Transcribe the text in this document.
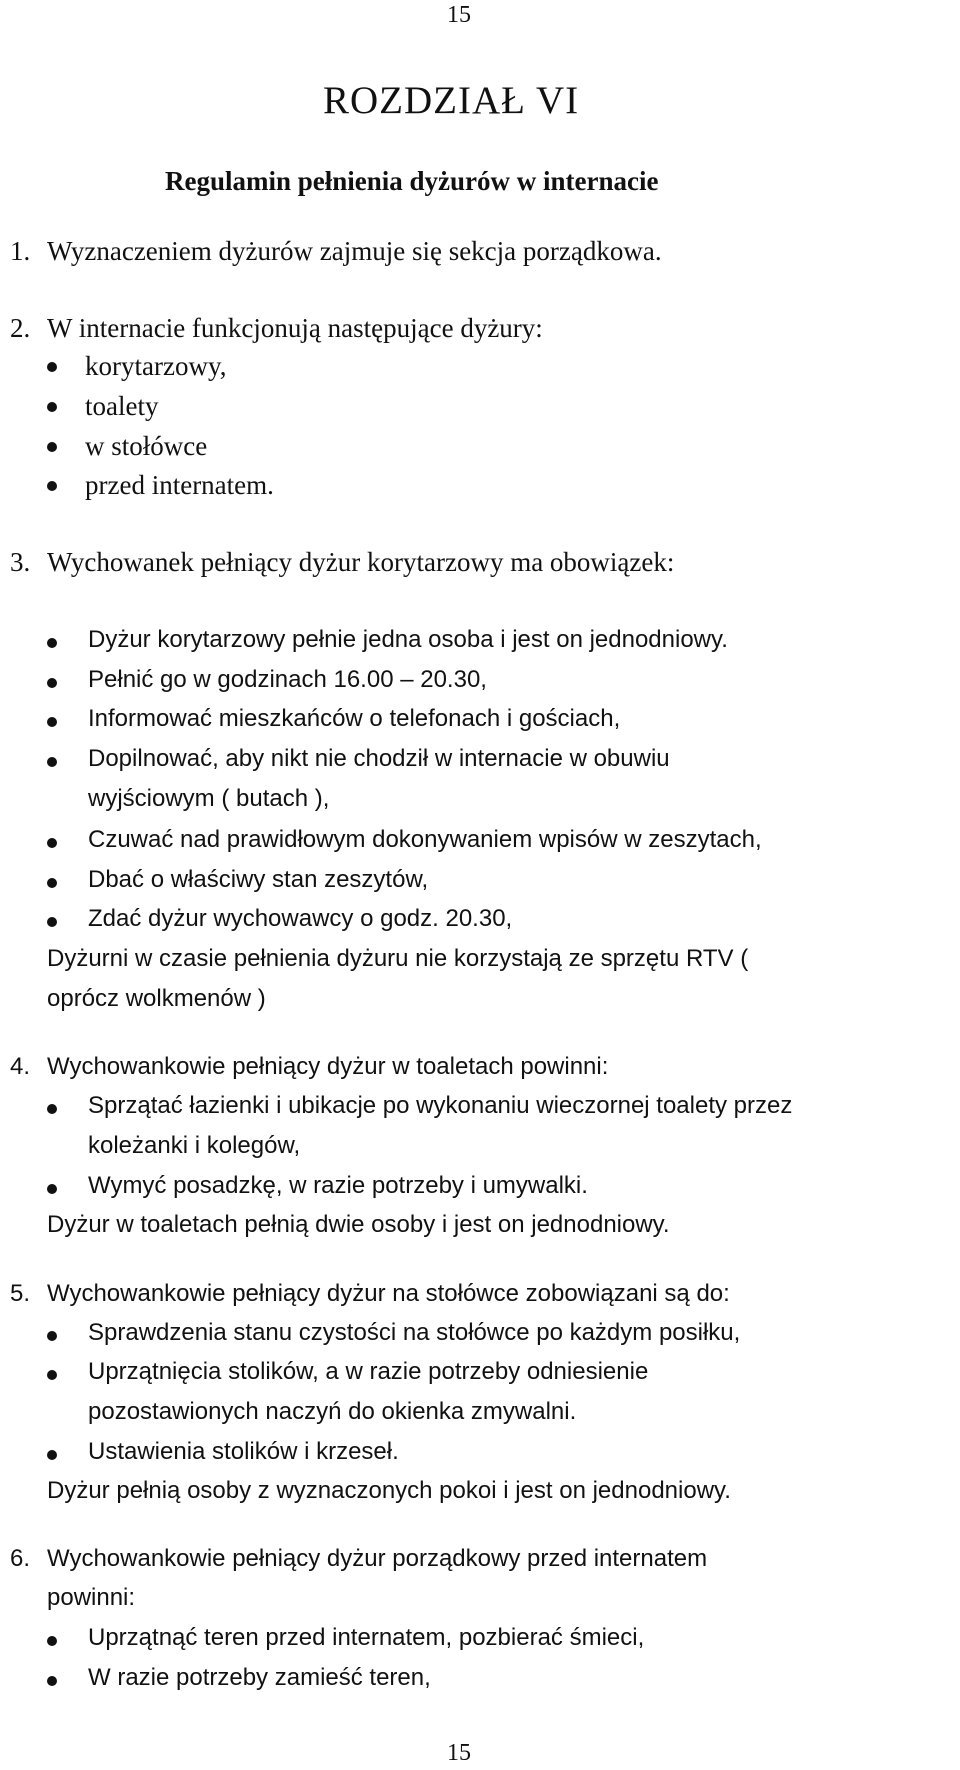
15
ROZDZIAŁ VI
Regulamin pełnienia dyżurów w internacie
1. Wyznaczeniem dyżurów zajmuje się sekcja porządkowa.
2. W internacie funkcjonują następujące dyżury:
korytarzowy,
toalety
w stołówce
przed internatem.
3. Wychowanek pełniący dyżur korytarzowy ma obowiązek:
Dyżur korytarzowy pełnie jedna osoba i jest on jednodniowy.
Pełnić go w godzinach 16.00 – 20.30,
Informować mieszkańców o telefonach i gościach,
Dopilnować, aby nikt nie chodził w internacie w obuwiu
wyjściowym ( butach ),
Czuwać nad prawidłowym dokonywaniem wpisów w zeszytach,
Dbać o właściwy stan zeszytów,
Zdać dyżur wychowawcy o godz. 20.30,
Dyżurni w czasie pełnienia dyżuru nie korzystają ze sprzętu RTV (
oprócz wolkmenów )
4. Wychowankowie pełniący dyżur w toaletach powinni:
Sprzątać łazienki i ubikacje po wykonaniu wieczornej toalety przez
koleżanki i kolegów,
Wymyć posadzkę, w razie potrzeby i umywalki.
Dyżur w toaletach pełnią dwie osoby i jest on jednodniowy.
5. Wychowankowie pełniący dyżur na stołówce zobowiązani są do:
Sprawdzenia stanu czystości na stołówce po każdym posiłku,
Uprzątnięcia stolików, a w razie potrzeby odniesienie
pozostawionych naczyń do okienka zmywalni.
Ustawienia stolików i krzeseł.
Dyżur pełnią osoby z wyznaczonych pokoi i jest on jednodniowy.
6. Wychowankowie pełniący dyżur porządkowy przed internatem
powinni:
Uprzątnąć teren przed internatem, pozbierać śmieci,
W razie potrzeby zamieść teren,
15
